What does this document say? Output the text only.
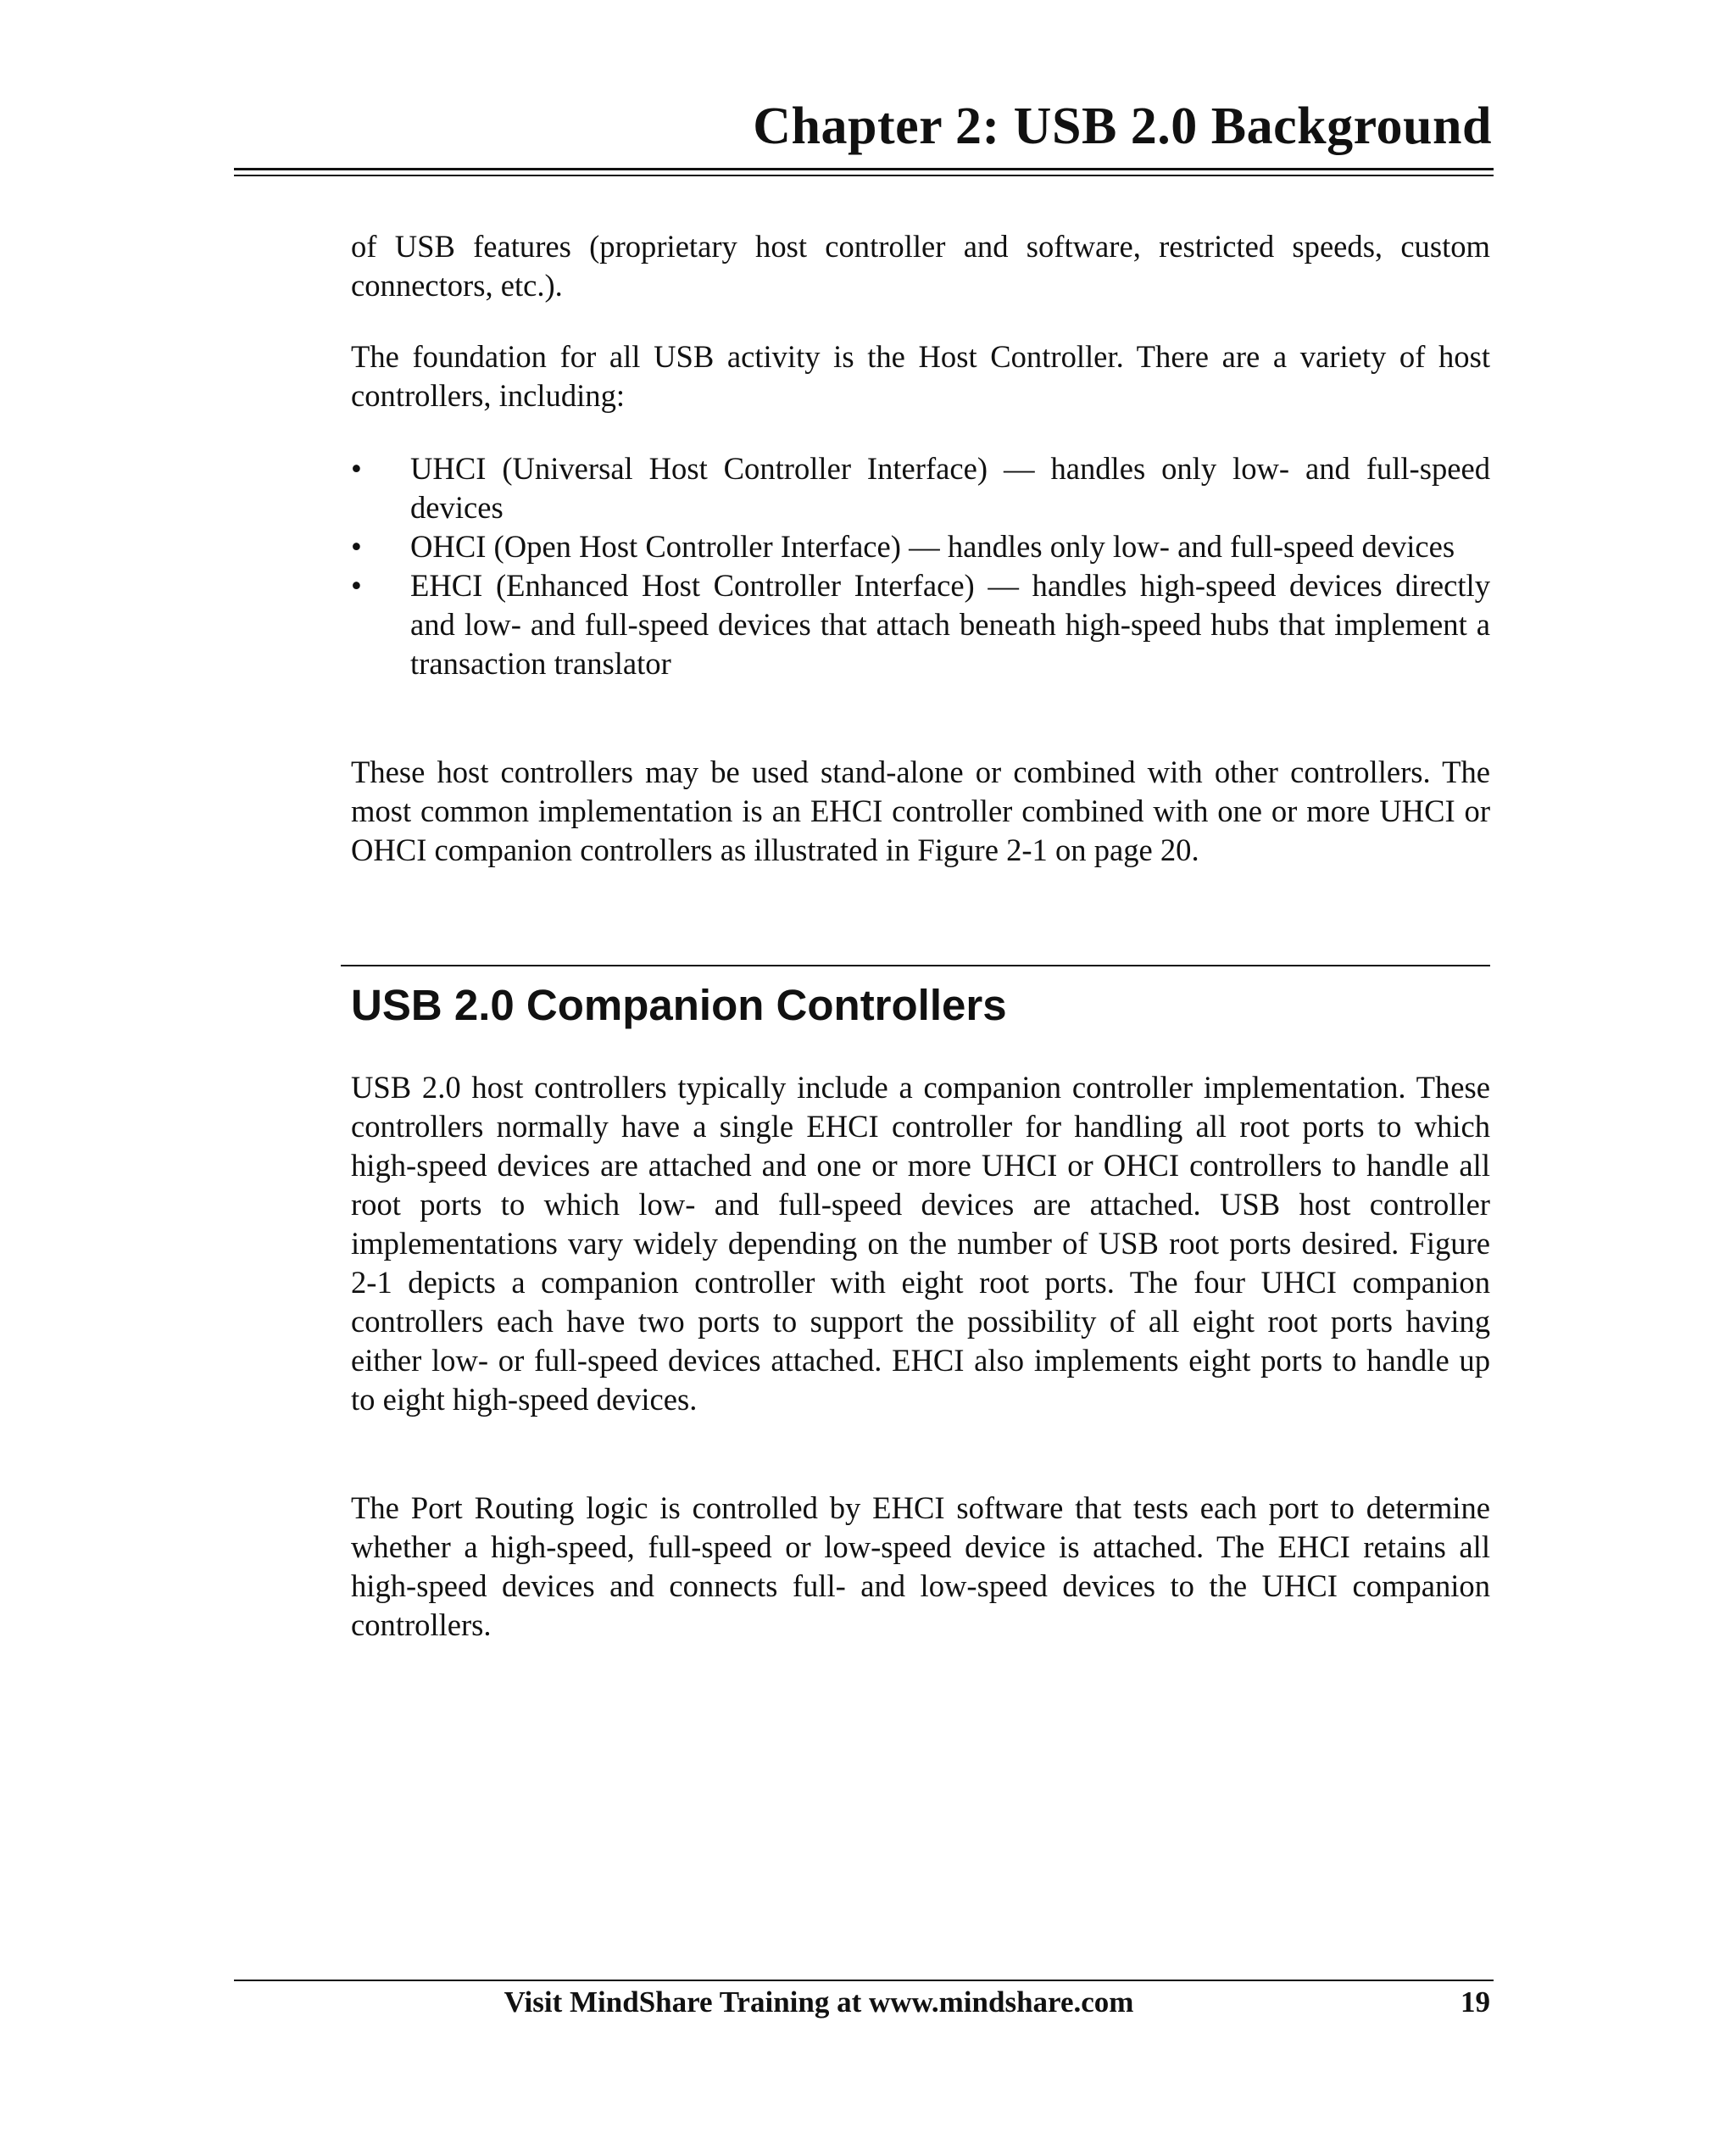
Chapter 2: USB 2.0 Background

of USB features (proprietary host controller and software, restricted speeds, custom connectors, etc.).

The foundation for all USB activity is the Host Controller. There are a variety of host controllers, including:

• UHCI (Universal Host Controller Interface) — handles only low- and full-speed devices
• OHCI (Open Host Controller Interface) — handles only low- and full-speed devices
• EHCI (Enhanced Host Controller Interface) — handles high-speed devices directly and low- and full-speed devices that attach beneath high-speed hubs that implement a transaction translator

These host controllers may be used stand-alone or combined with other controllers. The most common implementation is an EHCI controller combined with one or more UHCI or OHCI companion controllers as illustrated in Figure 2-1 on page 20.

USB 2.0 Companion Controllers

USB 2.0 host controllers typically include a companion controller implementation. These controllers normally have a single EHCI controller for handling all root ports to which high-speed devices are attached and one or more UHCI or OHCI controllers to handle all root ports to which low- and full-speed devices are attached. USB host controller implementations vary widely depending on the number of USB root ports desired. Figure 2-1 depicts a companion controller with eight root ports. The four UHCI companion controllers each have two ports to support the possibility of all eight root ports having either low- or full-speed devices attached. EHCI also implements eight ports to handle up to eight high-speed devices.

The Port Routing logic is controlled by EHCI software that tests each port to determine whether a high-speed, full-speed or low-speed device is attached. The EHCI retains all high-speed devices and connects full- and low-speed devices to the UHCI companion controllers.

Visit MindShare Training at www.mindshare.com	19
